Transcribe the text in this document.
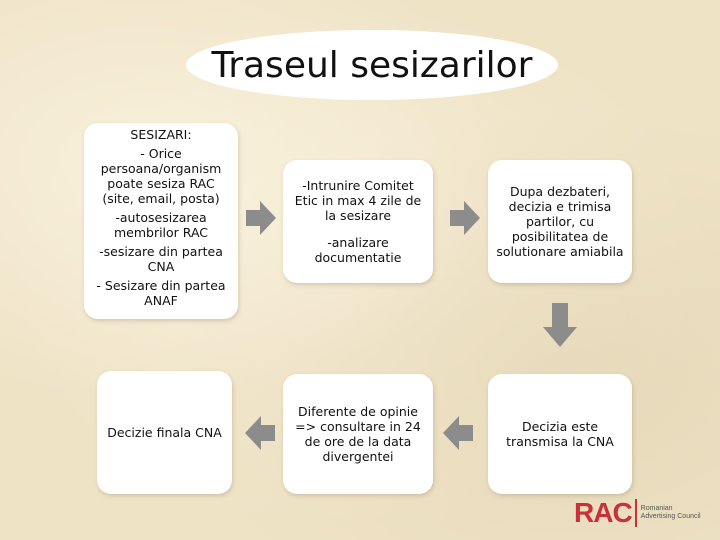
Traseul sesizarilor

SESIZARI:

- Orice persoana/organism poate sesiza RAC (site, email, posta)

-autosesizarea membrilor RAC

-sesizare din partea CNA

- Sesizare din partea ANAF

-Intrunire Comitet Etic in max 4 zile de la sesizare

-analizare documentatie

Dupa dezbateri, decizia e trimisa partilor, cu posibilitatea de solutionare amiabila

Decizia este transmisa la CNA

Diferente de opinie => consultare in 24 de ore de la data divergentei

Decizie finala CNA

RAC Romanian
Advertising Council
